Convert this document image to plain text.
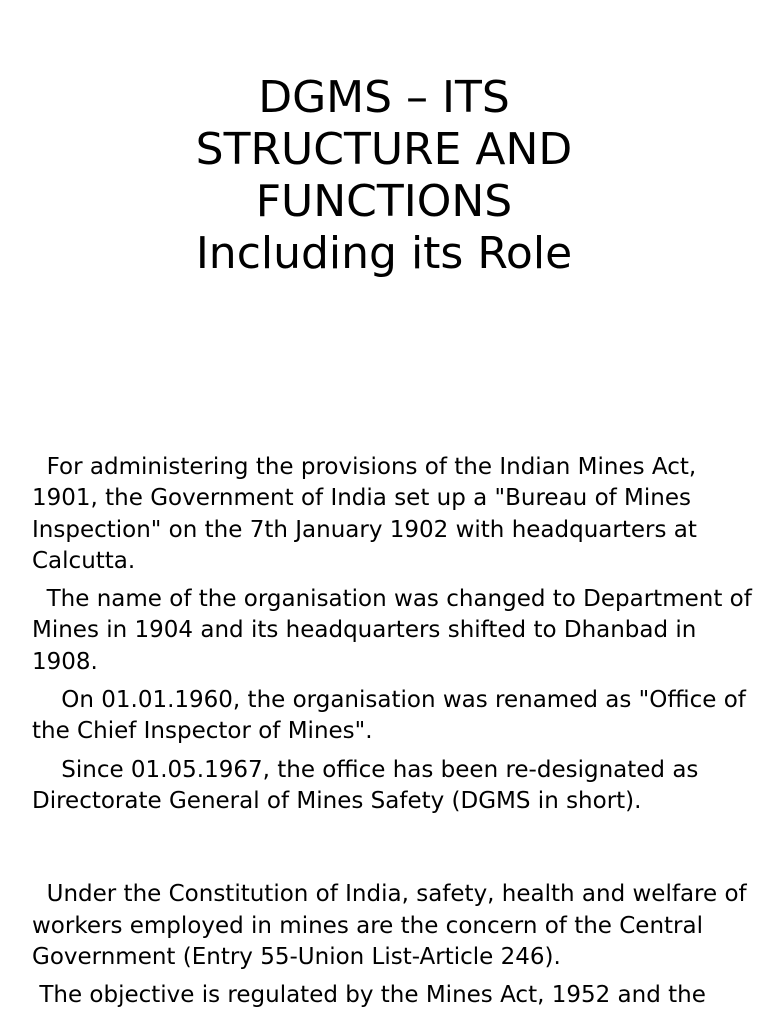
DGMS – ITS
STRUCTURE AND
FUNCTIONS
Including its Role

For administering the provisions of the Indian Mines Act, 1901, the Government of India set up a "Bureau of Mines Inspection" on the 7th January 1902 with headquarters at Calcutta.

The name of the organisation was changed to Department of Mines in 1904 and its headquarters shifted to Dhanbad in 1908.

On 01.01.1960, the organisation was renamed as "Office of the Chief Inspector of Mines".

Since 01.05.1967, the office has been re-designated as Directorate General of Mines Safety (DGMS in short).

Under the Constitution of India, safety, health and welfare of workers employed in mines are the concern of the Central Government (Entry 55-Union List-Article 246).

The objective is regulated by the Mines Act, 1952 and the
